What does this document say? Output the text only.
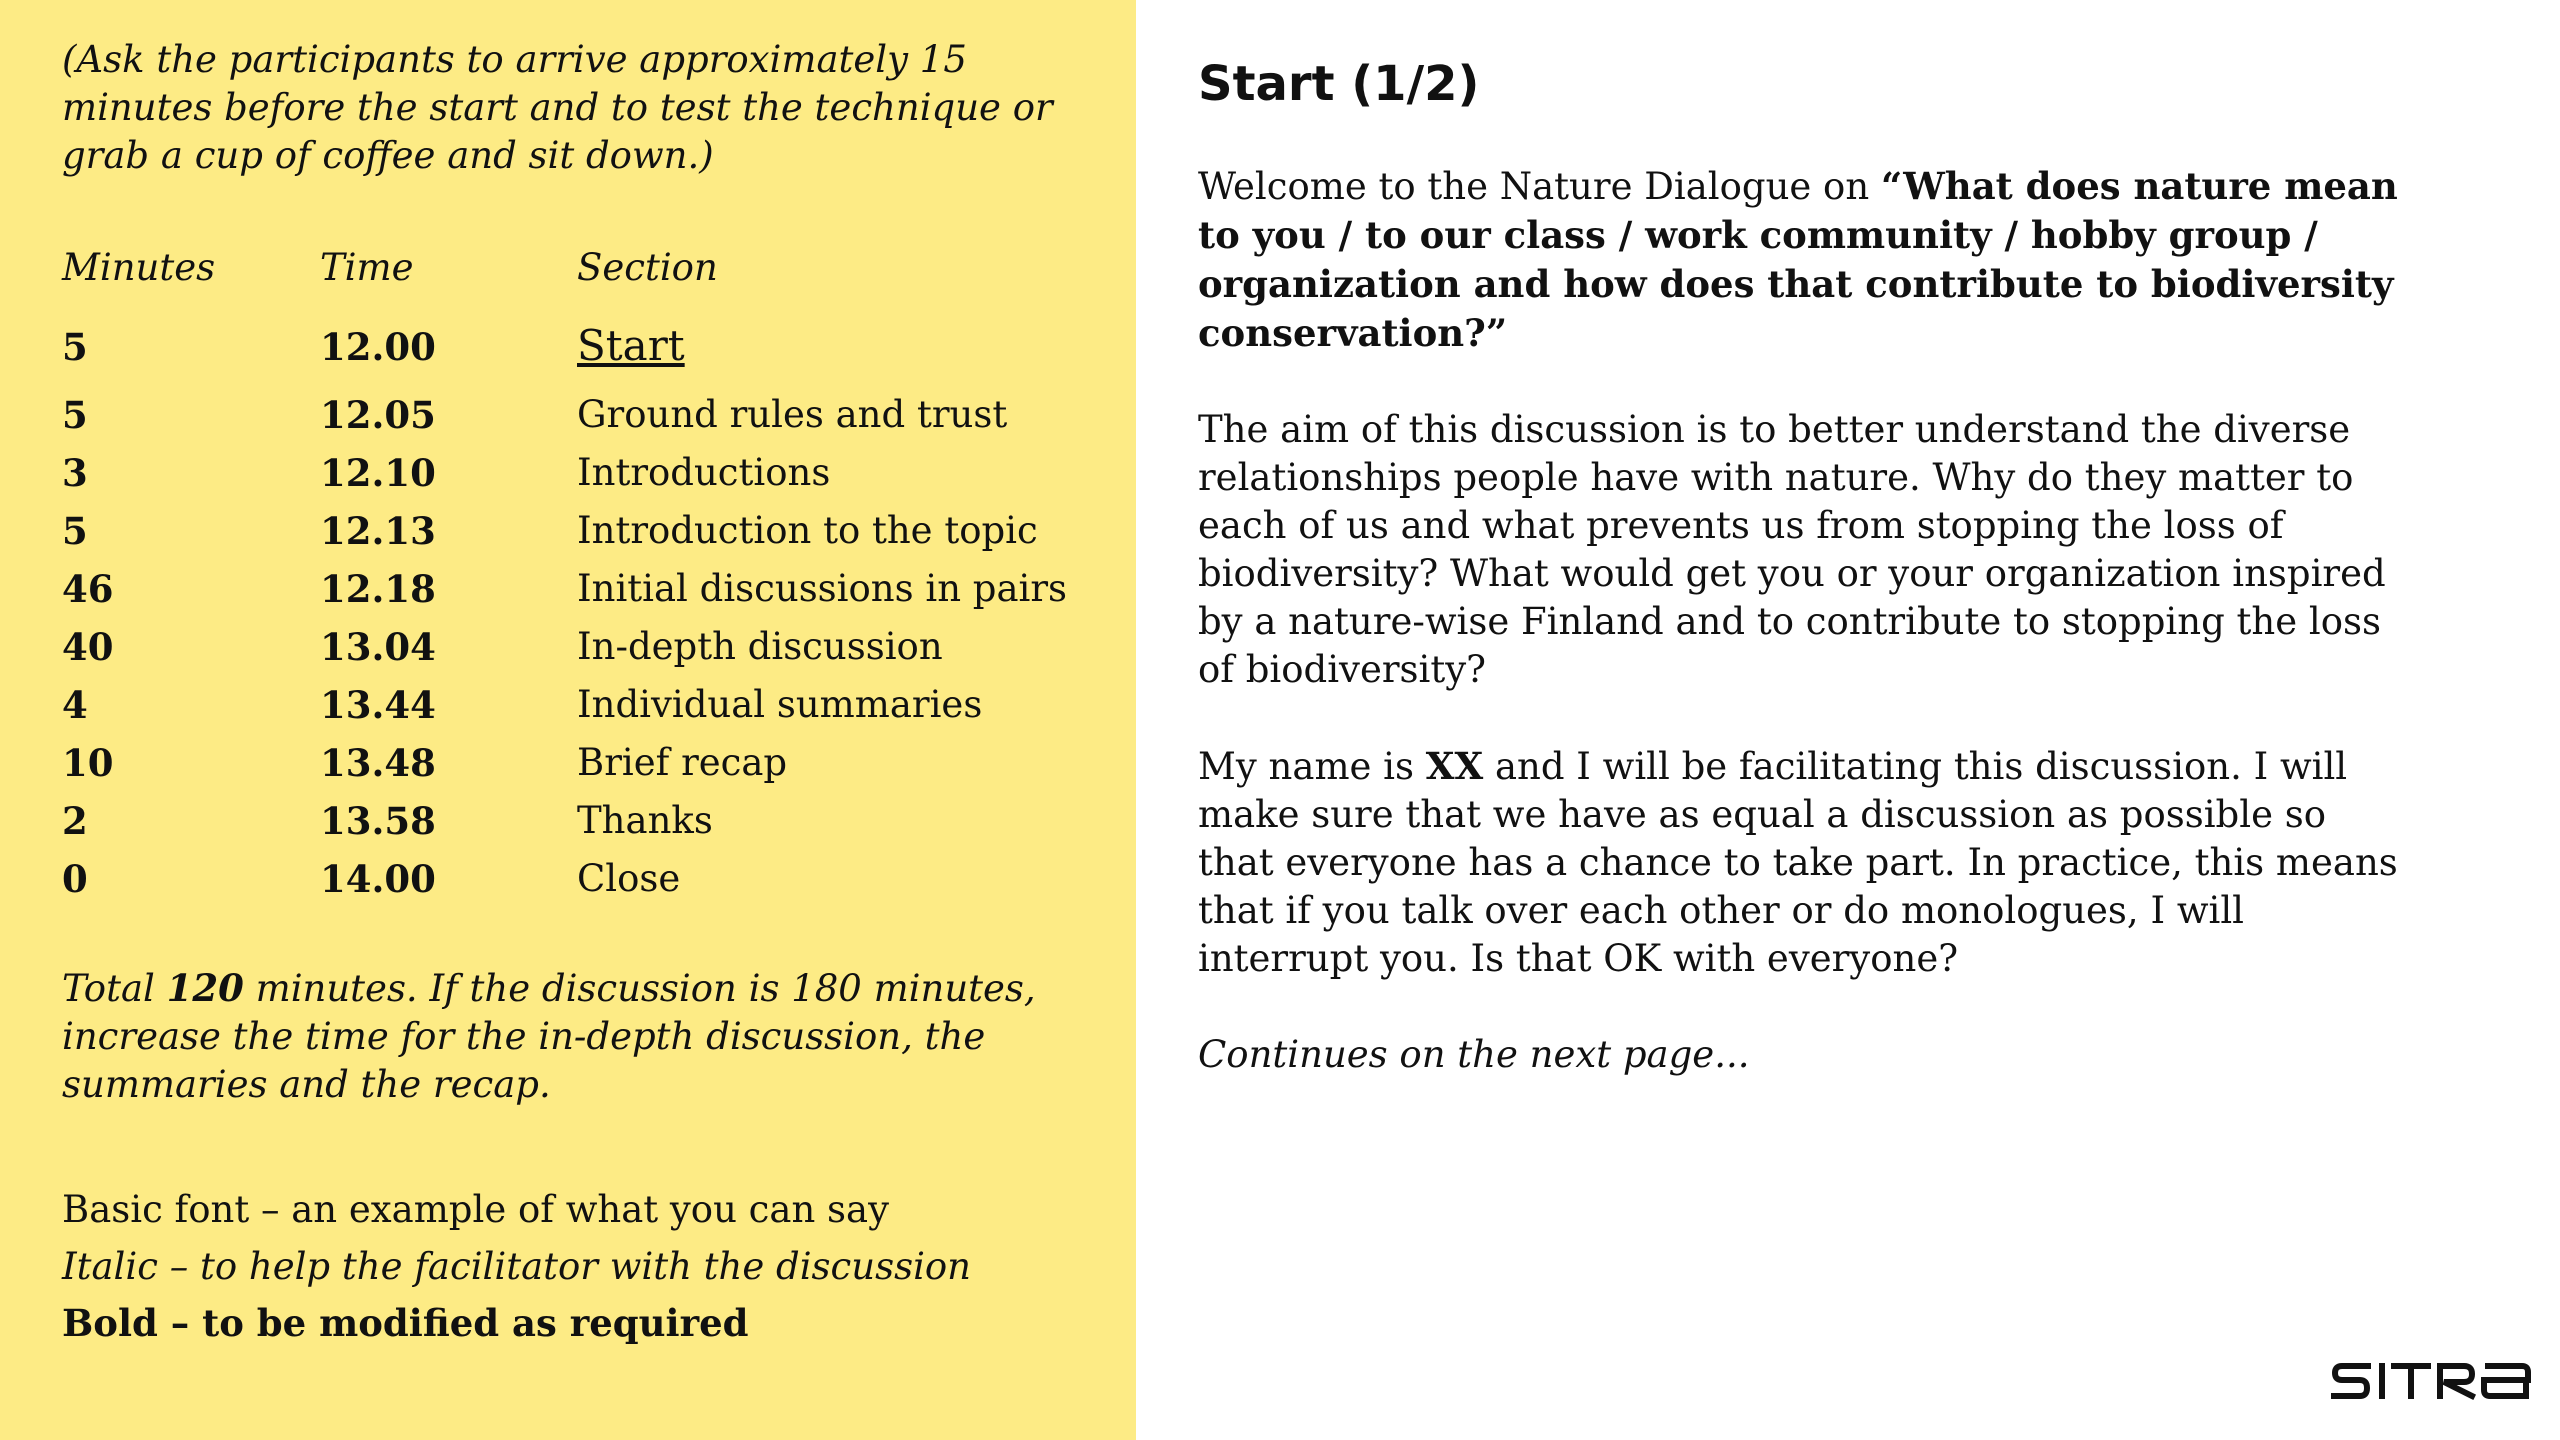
(Ask the participants to arrive approximately 15 minutes before the start and to test the technique or grab a cup of coffee and sit down.)

Minutes	Time	Section
5	12.00	Start
5	12.05	Ground rules and trust
3	12.10	Introductions
5	12.13	Introduction to the topic
46	12.18	Initial discussions in pairs
40	13.04	In-depth discussion
4	13.44	Individual summaries
10	13.48	Brief recap
2	13.58	Thanks
0	14.00	Close

Total 120 minutes. If the discussion is 180 minutes, increase the time for the in-depth discussion, the summaries and the recap.

Basic font – an example of what you can say
Italic – to help the facilitator with the discussion
Bold – to be modified as required
Start (1/2)

Welcome to the Nature Dialogue on “What does nature mean to you / to our class / work community / hobby group / organization and how does that contribute to biodiversity conservation?”

The aim of this discussion is to better understand the diverse relationships people have with nature. Why do they matter to each of us and what prevents us from stopping the loss of biodiversity? What would get you or your organization inspired by a nature-wise Finland and to contribute to stopping the loss of biodiversity?

My name is XX and I will be facilitating this discussion. I will make sure that we have as equal a discussion as possible so that everyone has a chance to take part. In practice, this means that if you talk over each other or do monologues, I will interrupt you. Is that OK with everyone?

Continues on the next page...
